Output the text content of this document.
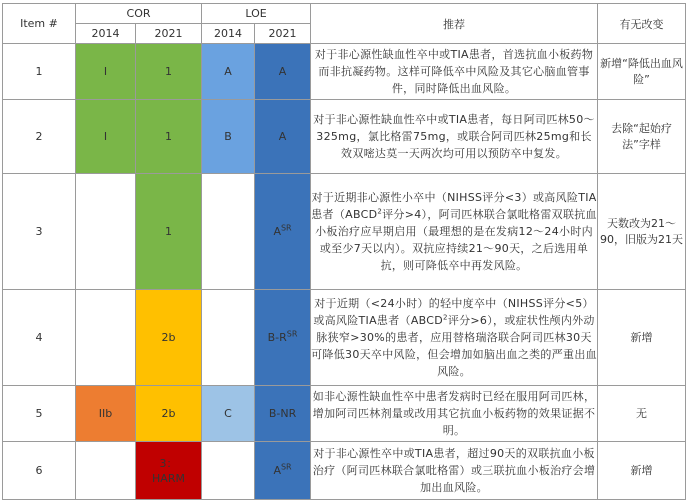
Item #	COR		LOE		推荐	有无改变
	2014	2021	2014	2021		
1	I	1	A	A	对于非心源性缺血性卒中或TIA患者，首选抗血小板药物而非抗凝药物。这样可降低卒中风险及其它心脑血管事件，同时降低出血风险。	新增“降低出血风险”
2	I	1	B	A	对于非心源性缺血性卒中或TIA患者，每日阿司匹林50～325mg，氯比格雷75mg，或联合阿司匹林25mg和长效双嘧达莫一天两次均可用以预防卒中复发。	去除“起始疗法”字样
3		1		$A^{SR}$	对于近期非心源性小卒中（NIHSS评分<3）或高风险TIA患者（ABCD$^2$评分>4），阿司匹林联合氯吡格雷双联抗血小板治疗应早期启用（最理想的是在发病12～24小时内或至少7天以内）。双抗应持续21～90天，之后选用单抗，则可降低卒中再发风险。	天数改为21～90，旧版为21天
4		2b		$B-R^{SR}$	对于近期（<24小时）的轻中度卒中（NIHSS评分<5）或高风险TIA患者（ABCD$^2$评分>6），或症状性颅内外动脉狭窄>30%的患者，应用替格瑞洛联合阿司匹林30天可降低30天卒中风险，但会增加如脑出血之类的严重出血风险。	新增
5	IIb	2b	C	B-NR	如非心源性缺血性卒中患者发病时已经在服用阿司匹林，增加阿司匹林剂量或改用其它抗血小板药物的效果证据不明。	无
6		3：HARM		$A^{SR}$	对于非心源性卒中或TIA患者，超过90天的双联抗血小板治疗（阿司匹林联合氯吡格雷）或三联抗血小板治疗会增加出血风险。	新增
